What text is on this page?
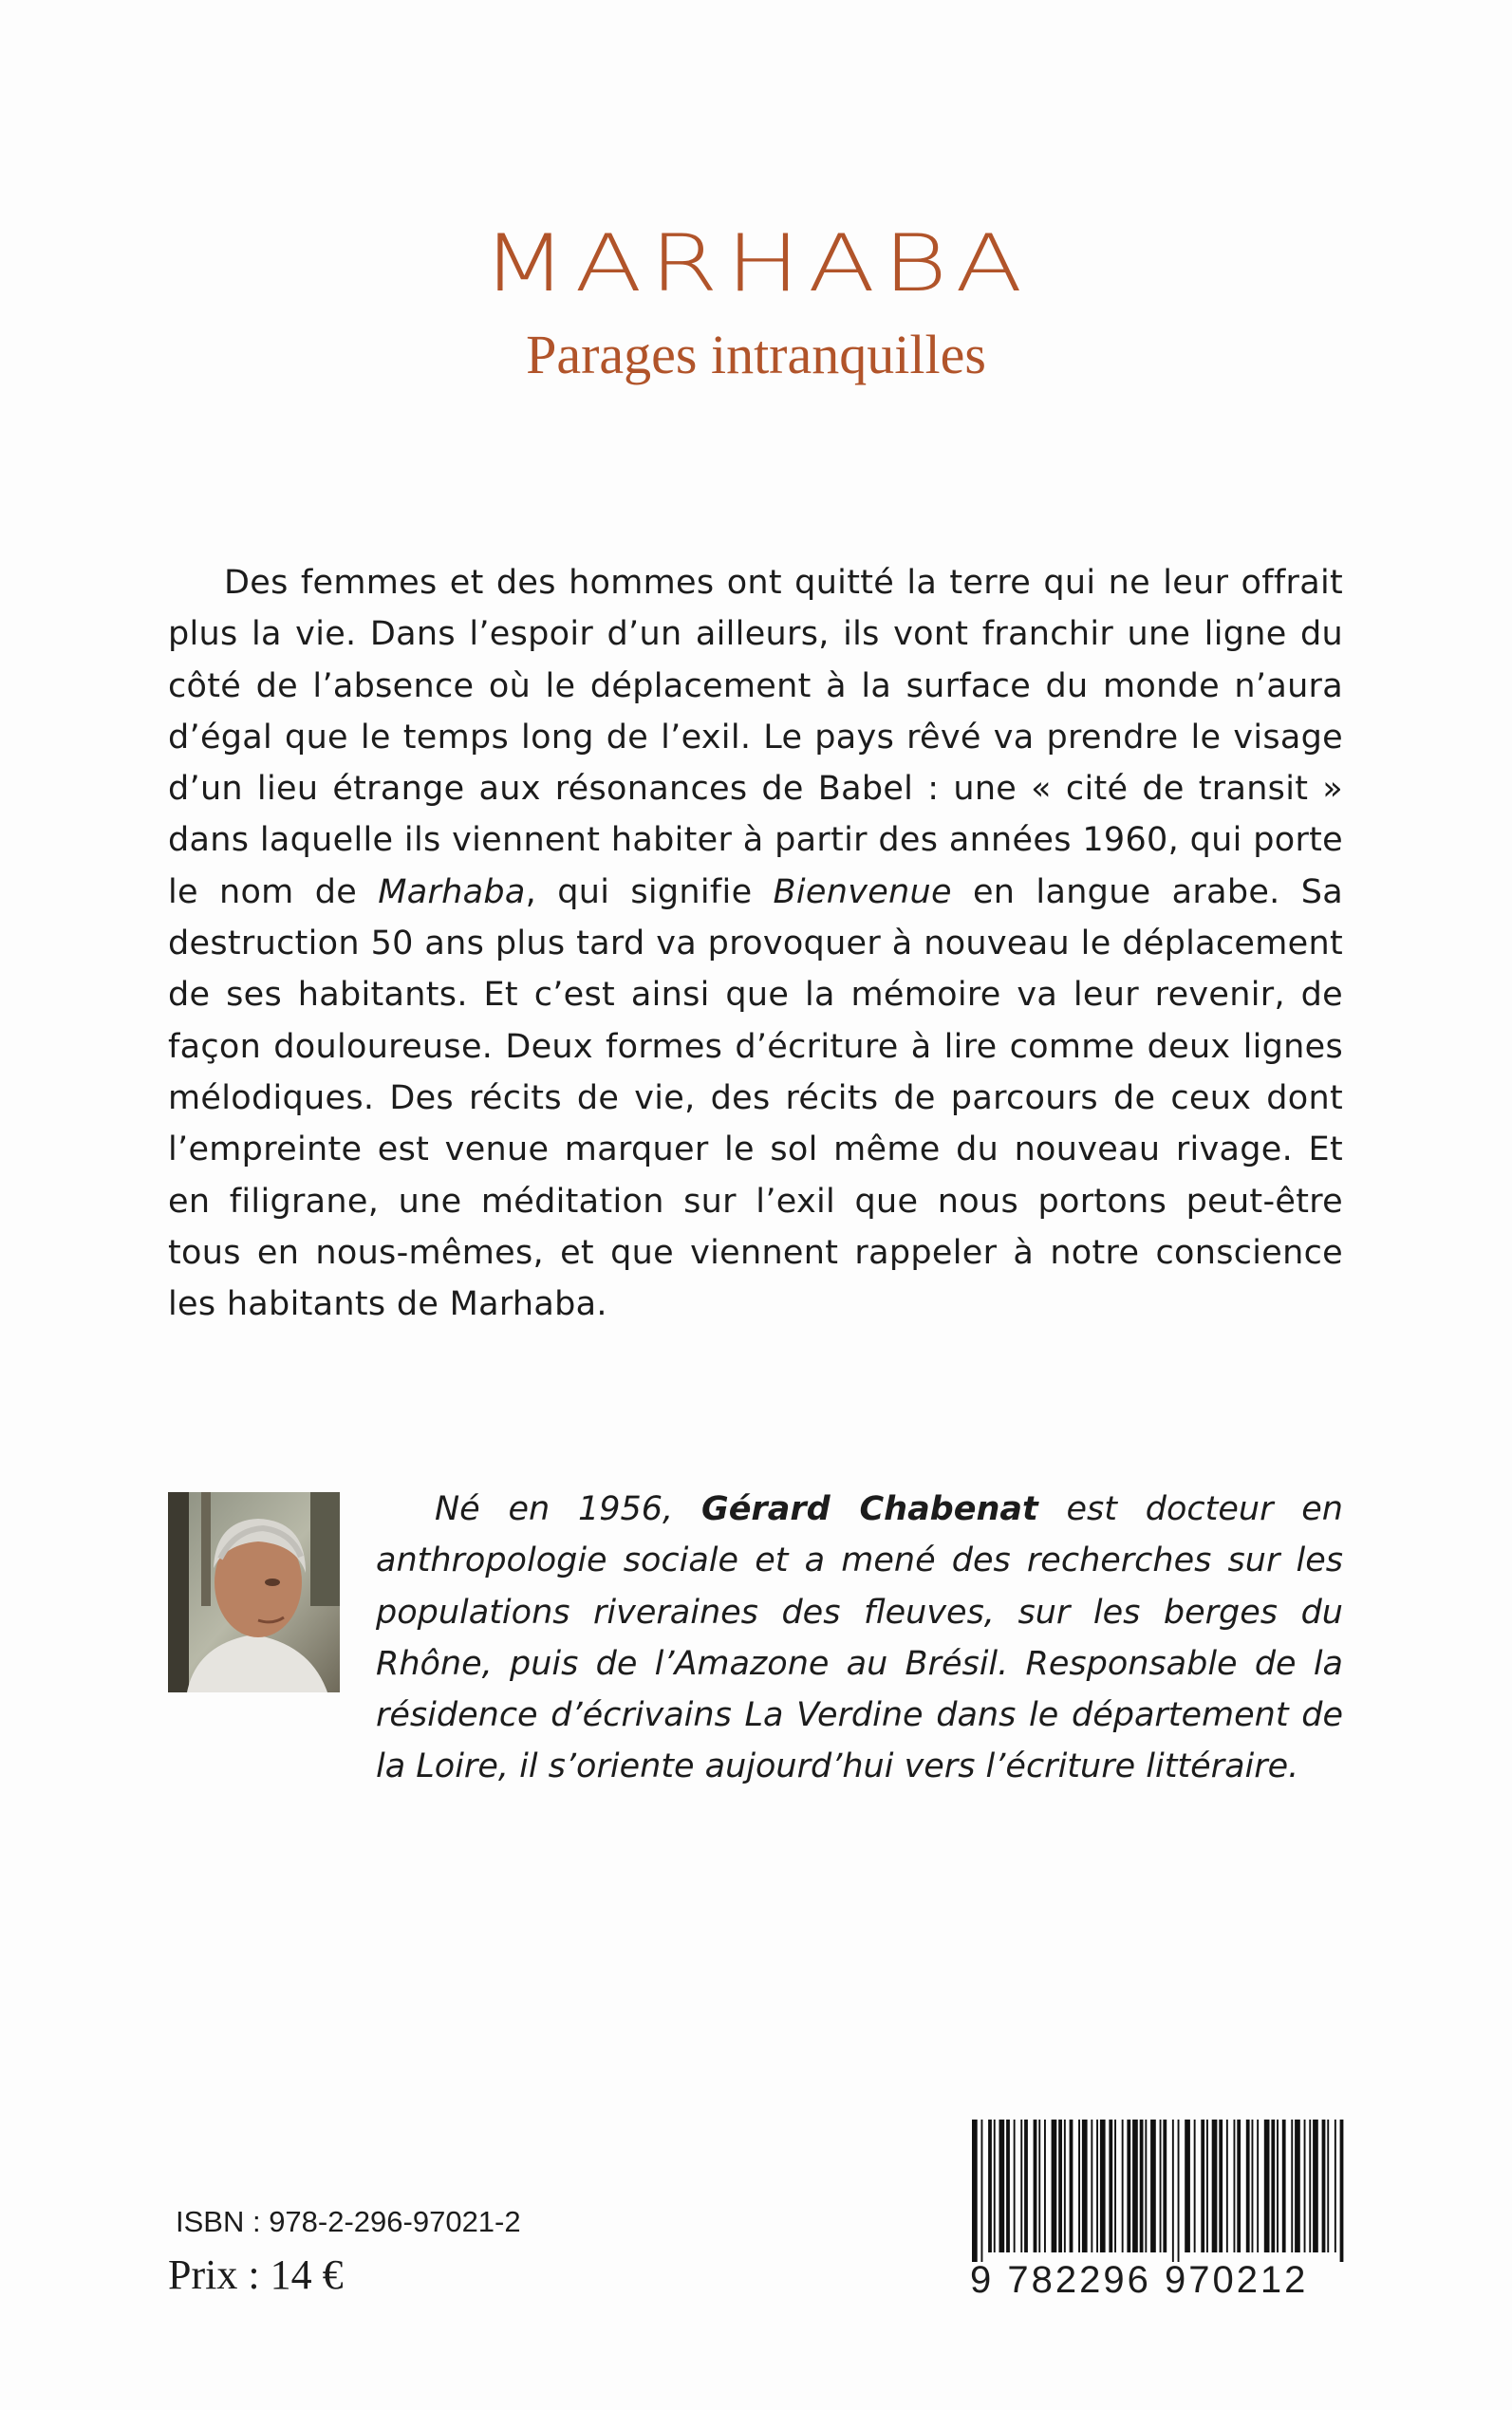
MARHABA
Parages intranquilles

Des femmes et des hommes ont quitté la terre qui ne leur offrait plus la vie. Dans l’espoir d’un ailleurs, ils vont franchir une ligne du côté de l’absence où le déplacement à la surface du monde n’aura d’égal que le temps long de l’exil. Le pays rêvé va prendre le visage d’un lieu étrange aux résonances de Babel : une « cité de transit » dans laquelle ils viennent habiter à partir des années 1960, qui porte le nom de Marhaba, qui signifie Bienvenue en langue arabe. Sa destruction 50 ans plus tard va provoquer à nouveau le déplacement de ses habitants. Et c’est ainsi que la mémoire va leur revenir, de façon douloureuse. Deux formes d’écriture à lire comme deux lignes mélodiques. Des récits de vie, des récits de parcours de ceux dont l’empreinte est venue marquer le sol même du nouveau rivage. Et en filigrane, une méditation sur l’exil que nous portons peut-être tous en nous-mêmes, et que viennent rappeler à notre conscience les habitants de Marhaba.

Né en 1956, Gérard Chabenat est docteur en anthropologie sociale et a mené des recherches sur les populations riveraines des fleuves, sur les berges du Rhône, puis de l’Amazone au Brésil. Responsable de la résidence d’écrivains La Verdine dans le département de la Loire, il s’oriente aujourd’hui vers l’écriture littéraire.

ISBN : 978-2-296-97021-2
Prix : 14 €	9 782296 970212
